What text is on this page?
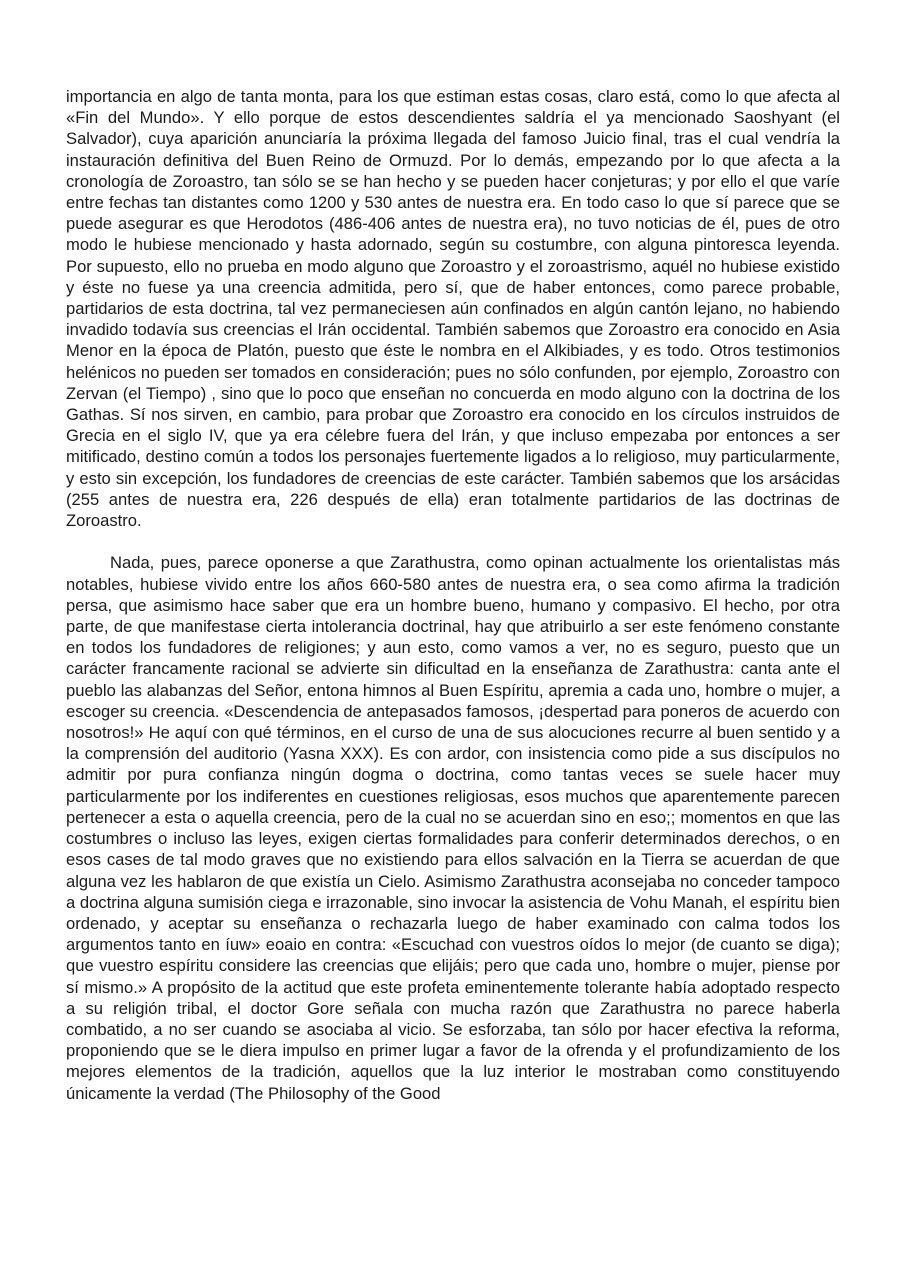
importancia en algo de tanta monta, para los que estiman estas cosas, claro está, como lo que afecta al «Fin del Mundo». Y ello porque de estos descendientes saldría el ya mencionado Saoshyant (el Salvador), cuya aparición anunciaría la próxima llegada del famoso Juicio final, tras el cual vendría la instauración definitiva del Buen Reino de Ormuzd. Por lo demás, empezando por lo que afecta a la cronología de Zoroastro, tan sólo se se han hecho y se pueden hacer conjeturas; y por ello el que varíe entre fechas tan distantes como 1200 y 530 antes de nuestra era. En todo caso lo que sí parece que se puede asegurar es que Herodotos (486-406 antes de nuestra era), no tuvo noticias de él, pues de otro modo le hubiese mencionado y hasta adornado, según su costumbre, con alguna pintoresca leyenda. Por supuesto, ello no prueba en modo alguno que Zoroastro y el zoroastrismo, aquél no hubiese existido y éste no fuese ya una creencia admitida, pero sí, que de haber entonces, como parece probable, partidarios de esta doctrina, tal vez permaneciesen aún confinados en algún cantón lejano, no habiendo invadido todavía sus creencias el Irán occidental. También sabemos que Zoroastro era conocido en Asia Menor en la época de Platón, puesto que éste le nombra en el Alkibiades, y es todo. Otros testimonios helénicos no pueden ser tomados en consideración; pues no sólo confunden, por ejemplo, Zoroastro con Zervan (el Tiempo) , sino que lo poco que enseñan no concuerda en modo alguno con la doctrina de los Gathas. Sí nos sirven, en cambio, para probar que Zoroastro era conocido en los círculos instruidos de Grecia en el siglo IV, que ya era célebre fuera del Irán, y que incluso empezaba por entonces a ser mitificado, destino común a todos los personajes fuertemente ligados a lo religioso, muy particularmente, y esto sin excepción, los fundadores de creencias de este carácter. También sabemos que los arsácidas (255 antes de nuestra era, 226 después de ella) eran totalmente partidarios de las doctrinas de Zoroastro.

Nada, pues, parece oponerse a que Zarathustra, como opinan actualmente los orientalistas más notables, hubiese vivido entre los años 660-580 antes de nuestra era, o sea como afirma la tradición persa, que asimismo hace saber que era un hombre bueno, humano y compasivo. El hecho, por otra parte, de que manifestase cierta intolerancia doctrinal, hay que atribuirlo a ser este fenómeno constante en todos los fundadores de religiones; y aun esto, como vamos a ver, no es seguro, puesto que un carácter francamente racional se advierte sin dificultad en la enseñanza de Zarathustra: canta ante el pueblo las alabanzas del Señor, entona himnos al Buen Espíritu, apremia a cada uno, hombre o mujer, a escoger su creencia. «Descendencia de antepasados famosos, ¡despertad para poneros de acuerdo con nosotros!» He aquí con qué términos, en el curso de una de sus alocuciones recurre al buen sentido y a la comprensión del auditorio (Yasna XXX). Es con ardor, con insistencia como pide a sus discípulos no admitir por pura confianza ningún dogma o doctrina, como tantas veces se suele hacer muy particularmente por los indiferentes en cuestiones religiosas, esos muchos que aparentemente parecen pertenecer a esta o aquella creencia, pero de la cual no se acuerdan sino en eso;; momentos en que las costumbres o incluso las leyes, exigen ciertas formalidades para conferir determinados derechos, o en esos cases de tal modo graves que no existiendo para ellos salvación en la Tierra se acuerdan de que alguna vez les hablaron de que existía un Cielo. Asimismo Zarathustra aconsejaba no conceder tampoco a doctrina alguna sumisión ciega e irrazonable, sino invocar la asistencia de Vohu Manah, el espíritu bien ordenado, y aceptar su enseñanza o rechazarla luego de haber examinado con calma todos los argumentos tanto en íuw» eoaio en contra: «Escuchad con vuestros oídos lo mejor (de cuanto se diga); que vuestro espíritu considere las creencias que elijáis; pero que cada uno, hombre o mujer, piense por sí mismo.» A propósito de la actitud que este profeta eminentemente tolerante había adoptado respecto a su religión tribal, el doctor Gore señala con mucha razón que Zarathustra no parece haberla combatido, a no ser cuando se asociaba al vicio. Se esforzaba, tan sólo por hacer efectiva la reforma, proponiendo que se le diera impulso en primer lugar a favor de la ofrenda y el profundizamiento de los mejores elementos de la tradición, aquellos que la luz interior le mostraban como constituyendo únicamente la verdad (The Philosophy of the Good
